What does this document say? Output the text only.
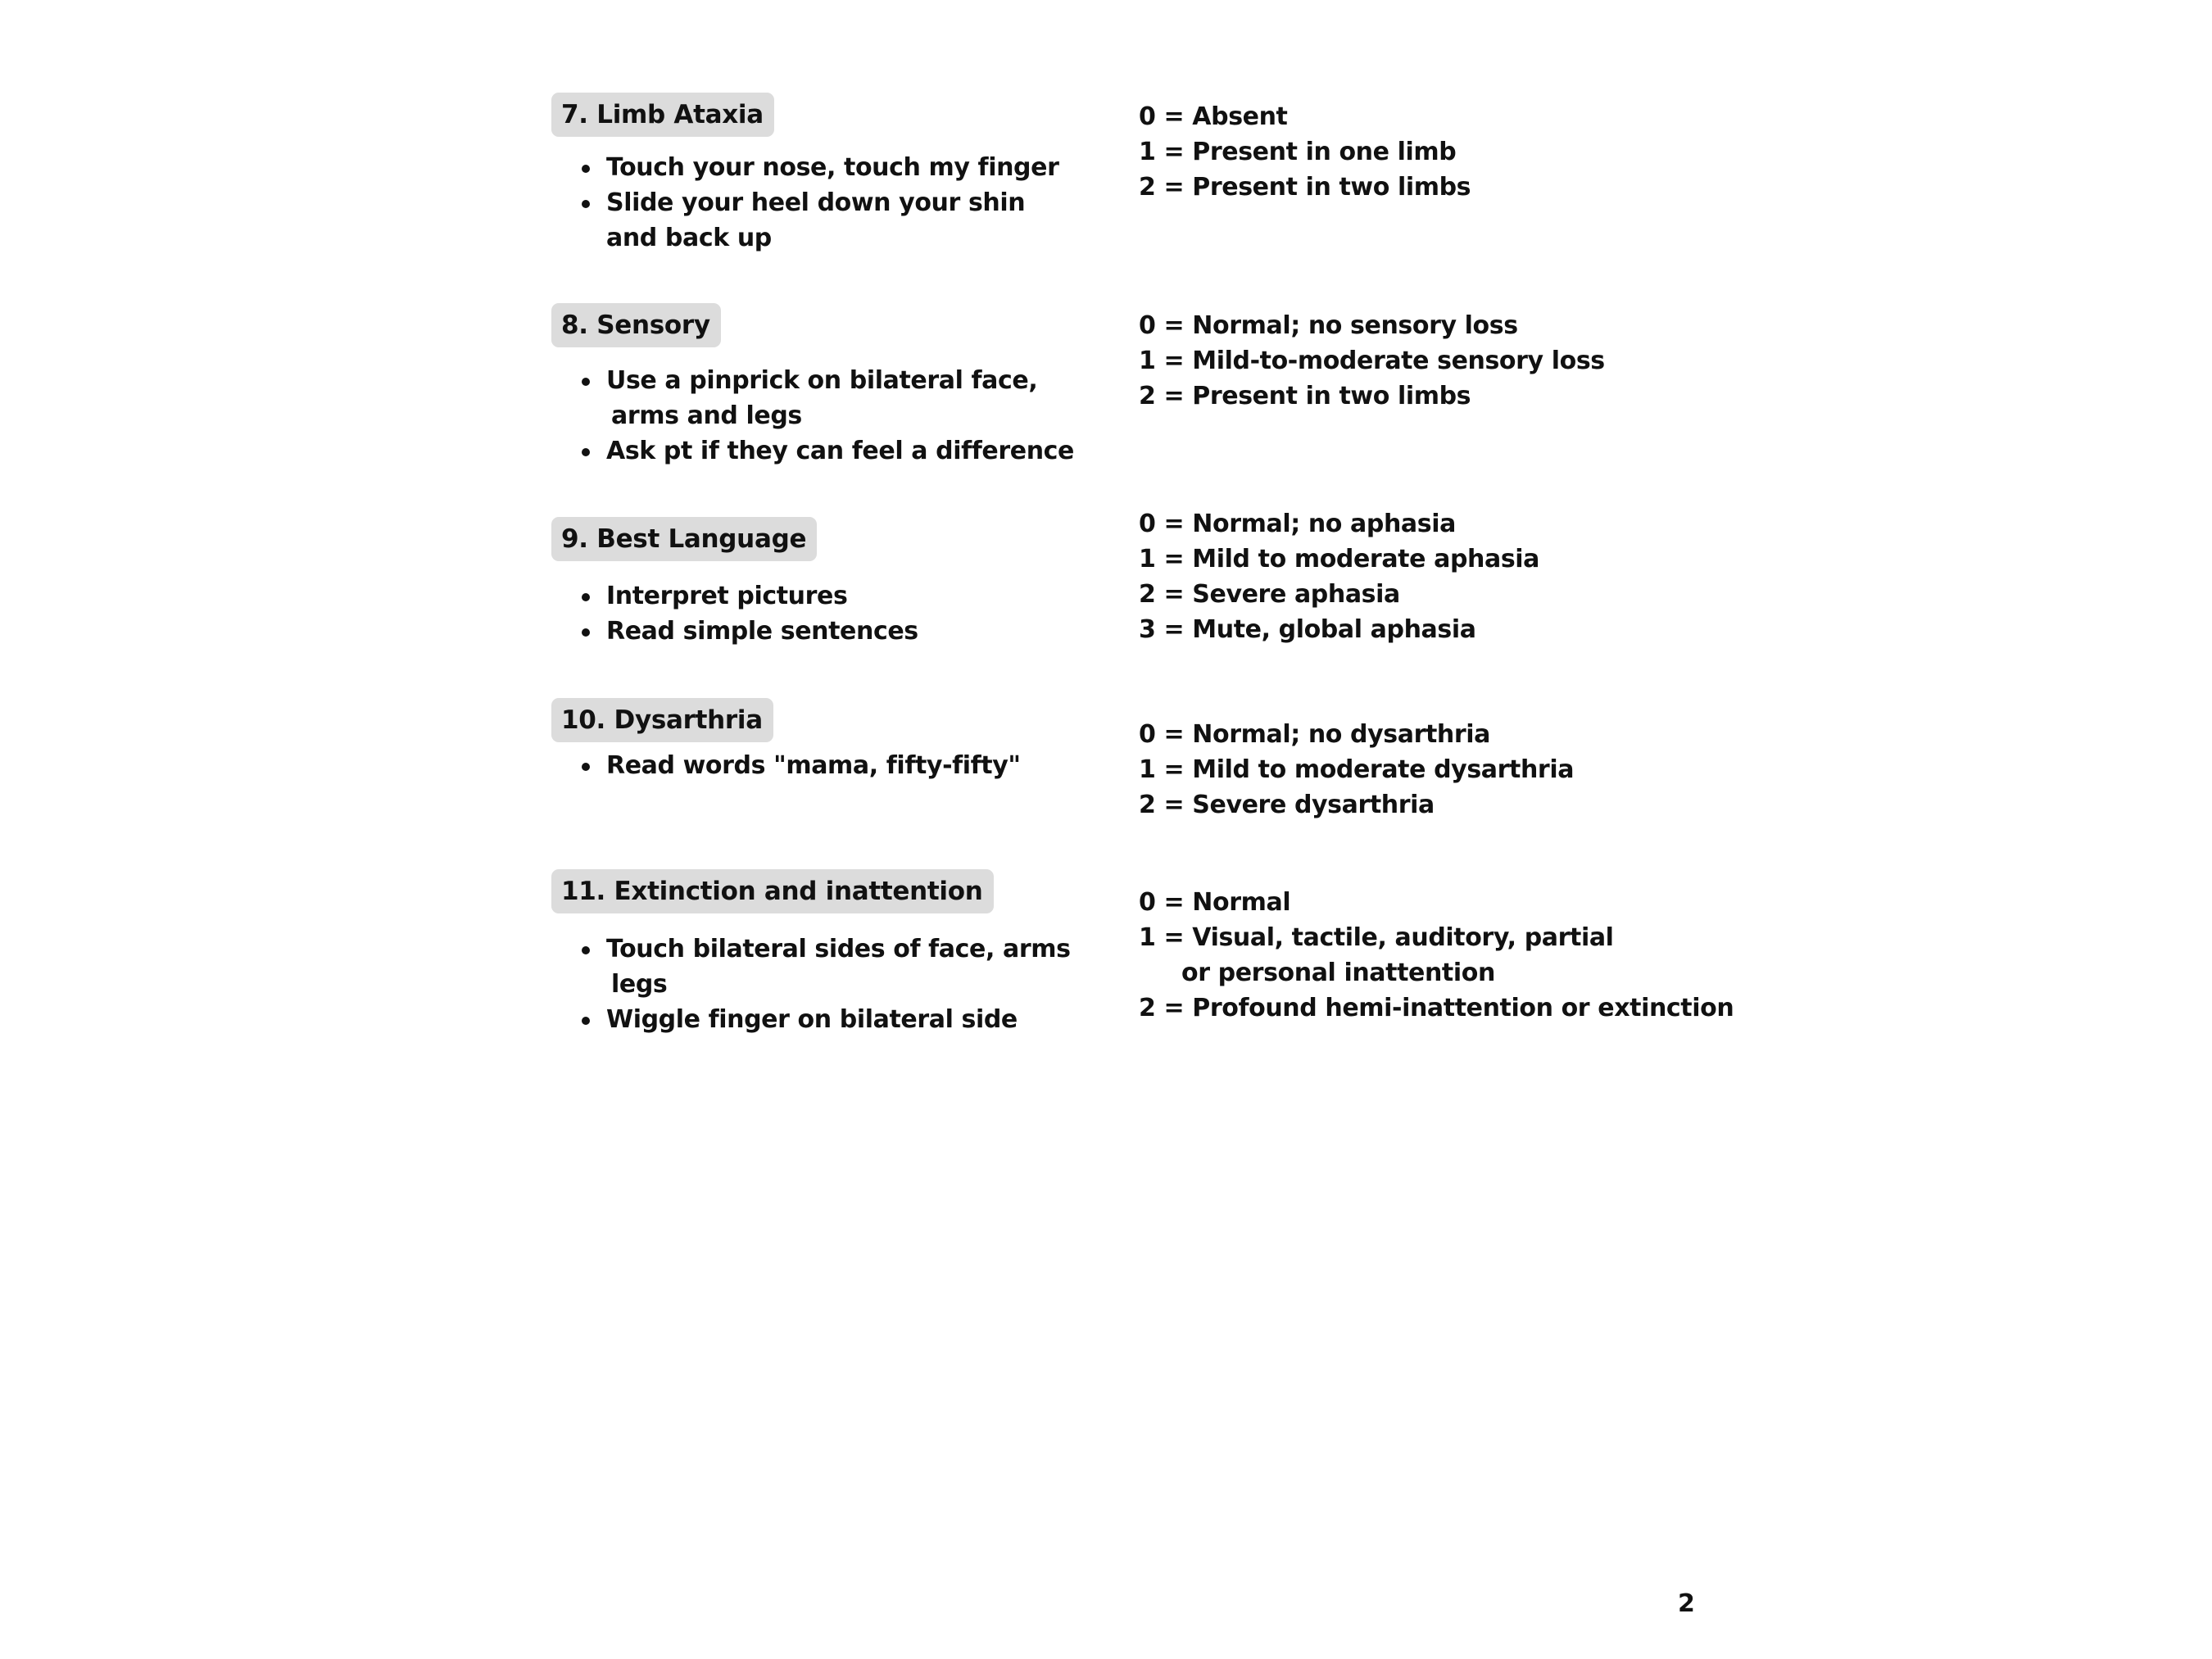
7. Limb Ataxia
Touch your nose, touch my finger
Slide your heel down your shin
and back up
0 = Absent
1 = Present in one limb
2 = Present in two limbs
8. Sensory
Use a pinprick on bilateral face,
arms and legs
Ask pt if they can feel a difference
0 = Normal; no sensory loss
1 = Mild-to-moderate sensory loss
2 = Present in two limbs
9. Best Language
Interpret pictures
Read simple sentences
0 = Normal; no aphasia
1 = Mild to moderate aphasia
2 = Severe aphasia
3 = Mute, global aphasia
10. Dysarthria
Read words "mama, fifty-fifty"
0 = Normal; no dysarthria
1 = Mild to moderate dysarthria
2 = Severe dysarthria
11. Extinction and inattention
Touch bilateral sides of face, arms
legs
Wiggle finger on bilateral side
0 = Normal
1 = Visual, tactile, auditory, partial
or personal inattention
2 = Profound hemi-inattention or extinction
2
